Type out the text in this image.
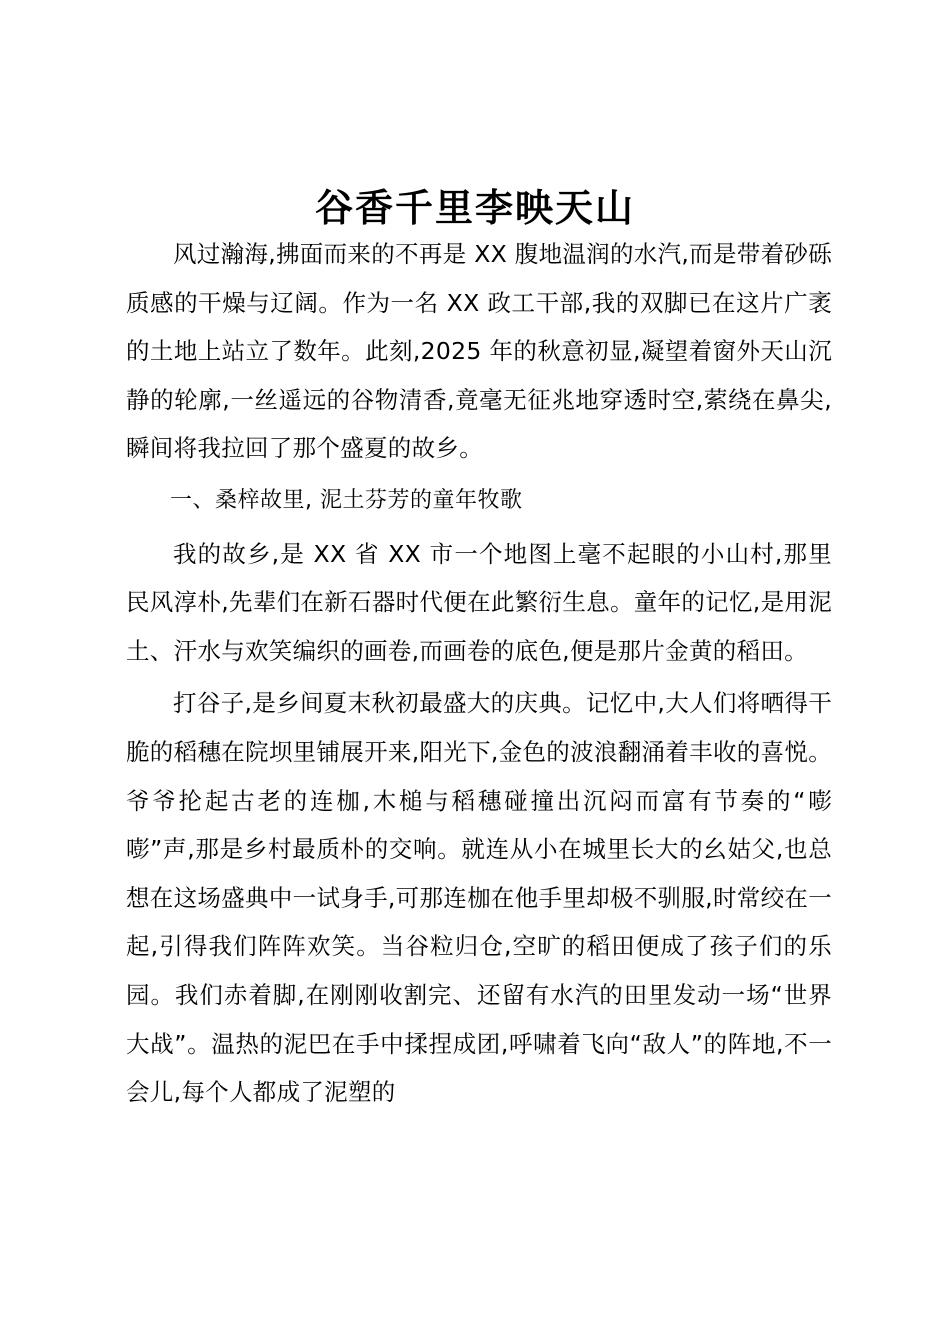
谷香千里李映天山

风过瀚海,拂面而来的不再是 XX 腹地温润的水汽,而是带着砂砾质感的干燥与辽阔。作为一名 XX 政工干部,我的双脚已在这片广袤的土地上站立了数年。此刻,2025 年的秋意初显,凝望着窗外天山沉静的轮廓,一丝遥远的谷物清香,竟毫无征兆地穿透时空,萦绕在鼻尖,瞬间将我拉回了那个盛夏的故乡。

一、桑梓故里, 泥土芬芳的童年牧歌

我的故乡,是 XX 省 XX 市一个地图上毫不起眼的小山村,那里民风淳朴,先辈们在新石器时代便在此繁衍生息。童年的记忆,是用泥土、汗水与欢笑编织的画卷,而画卷的底色,便是那片金黄的稻田。

打谷子,是乡间夏末秋初最盛大的庆典。记忆中,大人们将晒得干脆的稻穗在院坝里铺展开来,阳光下,金色的波浪翻涌着丰收的喜悦。爷爷抡起古老的连枷,木槌与稻穗碰撞出沉闷而富有节奏的“嘭嘭”声,那是乡村最质朴的交响。就连从小在城里长大的幺姑父,也总想在这场盛典中一试身手,可那连枷在他手里却极不驯服,时常绞在一起,引得我们阵阵欢笑。当谷粒归仓,空旷的稻田便成了孩子们的乐园。我们赤着脚,在刚刚收割完、还留有水汽的田里发动一场“世界大战”。温热的泥巴在手中揉捏成团,呼啸着飞向“敌人”的阵地,不一会儿,每个人都成了泥塑的
